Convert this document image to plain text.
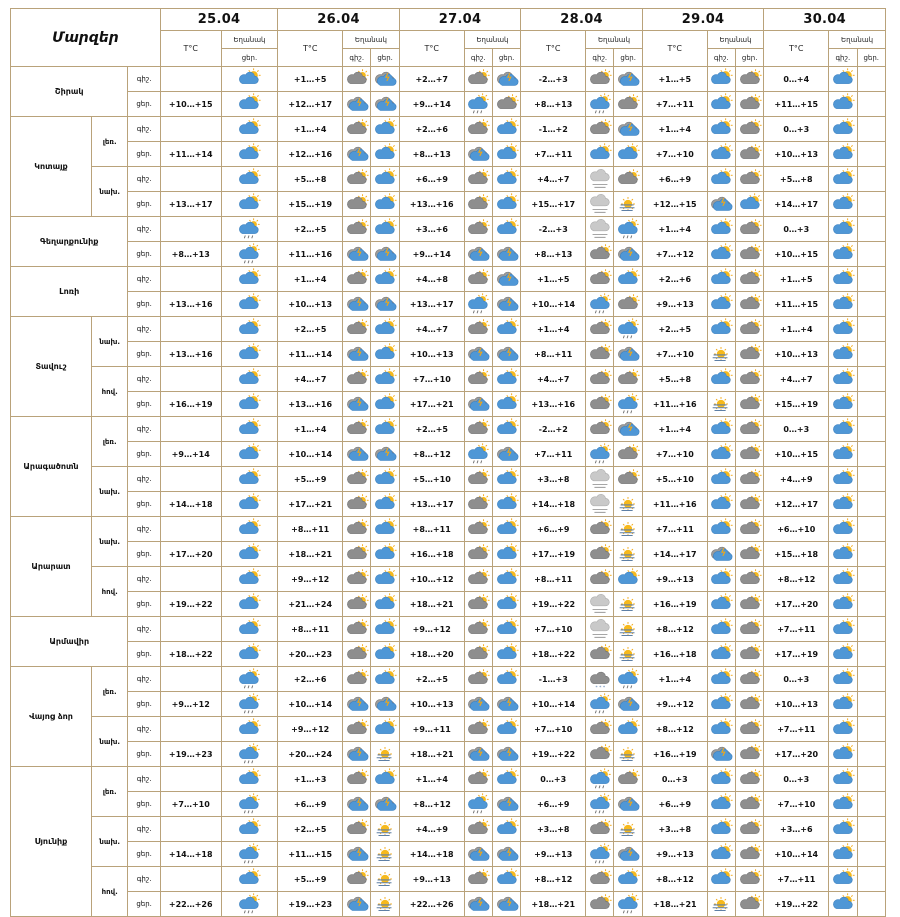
Մարզեր			25.04		26.04			27.04			28.04			29.04			30.04		
			T°C	Եղանակ	T°C	Եղանակ		T°C	Եղանակ		T°C	Եղանակ		T°C	Եղանակ		T°C	Եղանակ	
				ցեր.		գիշ.	ցեր.		գիշ.	ցեր.		գիշ.	ցեր.		գիշ.	ցեր.		գիշ.	ցեր.
Շիրակ		գիշ.			+1…+5			+2…+7			-2…+3			+1…+5			0…+4	

		ցեր.	+10…+15		+12…+17			+9…+14			+8…+13			+7…+11			+11…+15	

Կոտայք	լեռ.	գիշ.			+1…+4			+2…+6			-1…+2			+1…+4			0…+3	

		ցեր.	+11…+14		+12…+16			+8…+13			+7…+11			+7…+10			+10…+13	

	նախ.	գիշ.			+5…+8			+6…+9			+4…+7			+6…+9			+5…+8	

		ցեր.	+13…+17		+15…+19			+13…+16			+15…+17			+12…+15			+14…+17	

Գեղարքունիք		գիշ.			+2…+5			+3…+6			-2…+3			+1…+4			0…+3	

		ցեր.	+8…+13		+11…+16			+9…+14			+8…+13			+7…+12			+10…+15	

Լոռի		գիշ.			+1…+4			+4…+8			+1…+5			+2…+6			+1…+5	

		ցեր.	+13…+16		+10…+13			+13…+17			+10…+14			+9…+13			+11…+15	

Տավուշ	նախ.	գիշ.			+2…+5			+4…+7			+1…+4			+2…+5			+1…+4	

		ցեր.	+13…+16		+11…+14			+10…+13			+8…+11			+7…+10			+10…+13	

	հով.	գիշ.			+4…+7			+7…+10			+4…+7			+5…+8			+4…+7	

		ցեր.	+16…+19		+13…+16			+17…+21			+13…+16			+11…+16			+15…+19	

Արագածոտն	լեռ.	գիշ.			+1…+4			+2…+5			-2…+2			+1…+4			0…+3	

		ցեր.	+9…+14		+10…+14			+8…+12			+7…+11			+7…+10			+10…+15	

	նախ.	գիշ.			+5…+9			+5…+10			+3…+8			+5…+10			+4…+9	

		ցեր.	+14…+18		+17…+21			+13…+17			+14…+18			+11…+16			+12…+17	

Արարատ	նախ.	գիշ.			+8…+11			+8…+11			+6…+9			+7…+11			+6…+10	

		ցեր.	+17…+20		+18…+21			+16…+18			+17…+19			+14…+17			+15…+18	

	հով.	գիշ.			+9…+12			+10…+12			+8…+11			+9…+13			+8…+12	

		ցեր.	+19…+22		+21…+24			+18…+21			+19…+22			+16…+19			+17…+20	

Արմավիր		գիշ.			+8…+11			+9…+12			+7…+10			+8…+12			+7…+11	

		ցեր.	+18…+22		+20…+23			+18…+20			+18…+22			+16…+18			+17…+19	

Վայոց ձոր	լեռ.	գիշ.			+2…+6			+2…+5			-1…+3	* * *		+1…+4			0…+3	

		ցեր.	+9…+12		+10…+14			+10…+13			+10…+14			+9…+12			+10…+13	

	նախ.	գիշ.			+9…+12			+9…+11			+7…+10			+8…+12			+7…+11	

		ցեր.	+19…+23		+20…+24			+18…+21			+19…+22			+16…+19			+17…+20	

Սյունիք	լեռ.	գիշ.			+1…+3			+1…+4			0…+3			0…+3			0…+3	

		ցեր.	+7…+10		+6…+9			+8…+12			+6…+9			+6…+9			+7…+10	

	նախ.	գիշ.			+2…+5			+4…+9			+3…+8			+3…+8			+3…+6	

		ցեր.	+14…+18		+11…+15			+14…+18			+9…+13			+9…+13			+10…+14	

	հով.	գիշ.			+5…+9			+9…+13			+8…+12			+8…+12			+7…+11	

		ցեր.	+22…+26		+19…+23			+22…+26			+18…+21			+18…+21			+19…+22	
